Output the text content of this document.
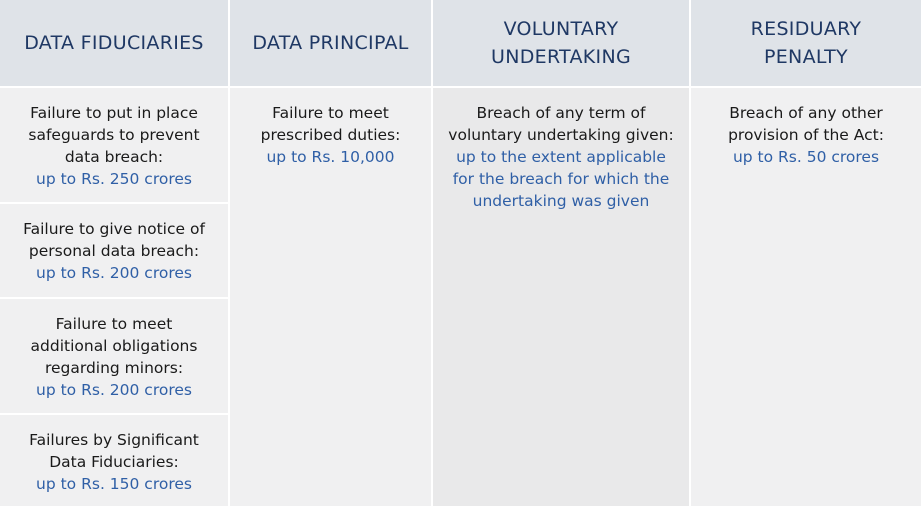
DATA FIDUCIARIES	DATA PRINCIPAL
VOLUNTARY
UNDERTAKING
RESIDUARY
PENALTY
Failure to put in place
safeguards to prevent
data breach:
up to Rs. 250 crores
Failure to give notice of
personal data breach:
up to Rs. 200 crores
Failure to meet
additional obligations
regarding minors:
up to Rs. 200 crores
Failures by Significant
Data Fiduciaries:
up to Rs. 150 crores
Failure to meet
prescribed duties:
up to Rs. 10,000
Breach of any term of
voluntary undertaking given:
up to the extent applicable
for the breach for which the
undertaking was given
Breach of any other
provision of the Act:
up to Rs. 50 crores
